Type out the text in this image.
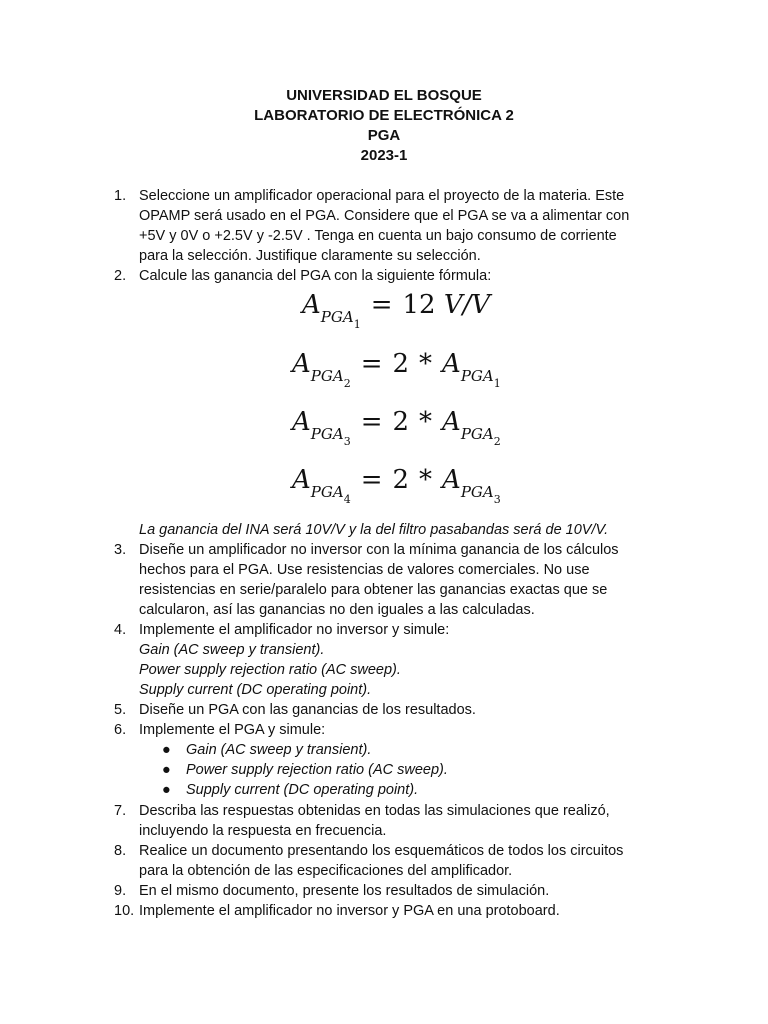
UNIVERSIDAD EL BOSQUE
LABORATORIO DE ELECTRÓNICA 2
PGA
2023-1
1. Seleccione un amplificador operacional para el proyecto de la materia. Este
OPAMP será usado en el PGA. Considere que el PGA se va a alimentar con
+5V y 0V o +2.5V y -2.5V . Tenga en cuenta un bajo consumo de corriente
para la selección. Justifique claramente su selección.
2. Calcule las ganancia del PGA con la siguiente fórmula:
$A_{PGA1}= 12$ V/V
$A_{PGA2}= 2 * A_{PGA1}$
$A_{PGA3}= 2 * A_{PGA2}$
$A_{PGA4}= 2 * A_{PGA3}$
La ganancia del INA será 10V/V y la del filtro pasabandas será de 10V/V.
3. Diseñe un amplificador no inversor con la mínima ganancia de los cálculos
hechos para el PGA. Use resistencias de valores comerciales. No use
resistencias en serie/paralelo para obtener las ganancias exactas que se
calcularon, así las ganancias no den iguales a las calculadas.
4. Implemente el amplificador no inversor y simule:
Gain (AC sweep y transient).
Power supply rejection ratio (AC sweep).
Supply current (DC operating point).
5. Diseñe un PGA con las ganancias de los resultados.
6. Implemente el PGA y simule:
● Gain (AC sweep y transient).
● Power supply rejection ratio (AC sweep).
● Supply current (DC operating point).
7. Describa las respuestas obtenidas en todas las simulaciones que realizó,
incluyendo la respuesta en frecuencia.
8. Realice un documento presentando los esquemáticos de todos los circuitos
para la obtención de las especificaciones del amplificador.
9. En el mismo documento, presente los resultados de simulación.
10. Implemente el amplificador no inversor y PGA en una protoboard.
